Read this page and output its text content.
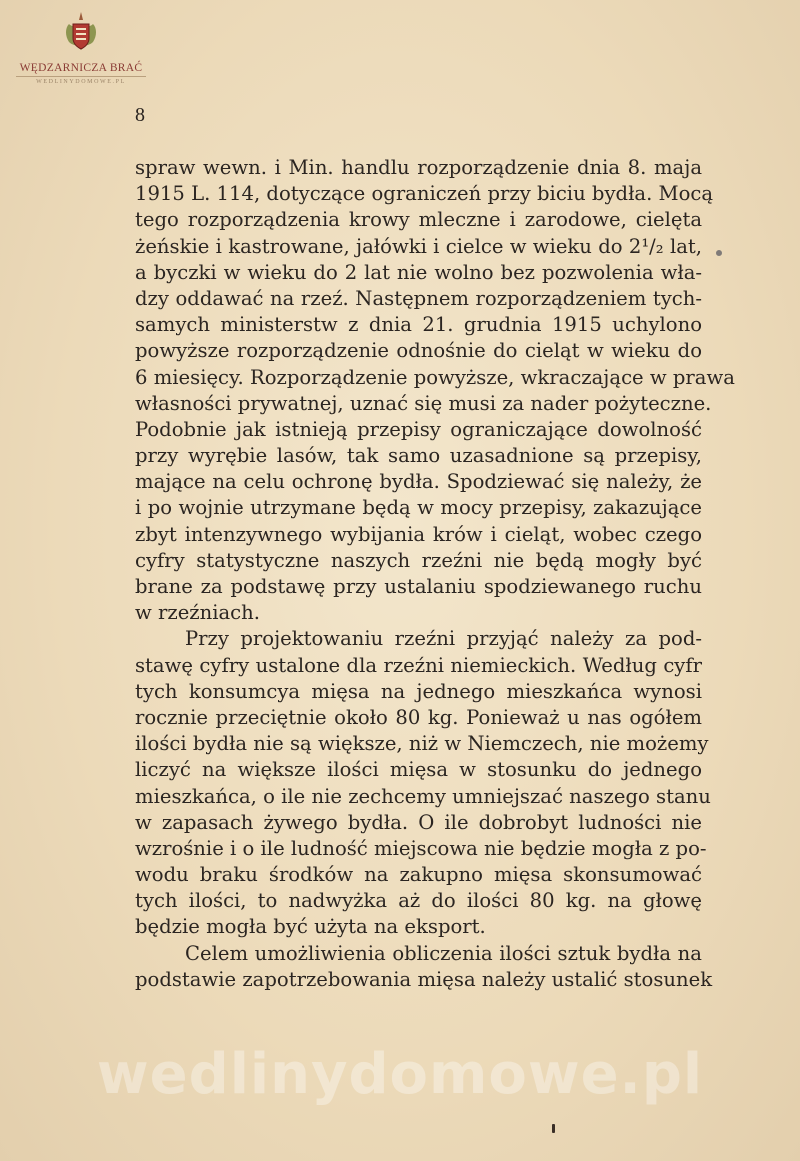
WĘDZARNICZA BRAĆ
WEDLINYDOMOWE.PL
8
spraw wewn. i Min. handlu rozporządzenie dnia 8. maja
1915 L. 114, dotyczące ograniczeń przy biciu bydła. Mocą
tego rozporządzenia krowy mleczne i zarodowe, cielęta
żeńskie i kastrowane, jałówki i cielce w wieku do 2¹/₂ lat,
a byczki w wieku do 2 lat nie wolno bez pozwolenia wła-
dzy oddawać na rzeź. Następnem rozporządzeniem tych-
samych ministerstw z dnia 21. grudnia 1915 uchylono
powyższe rozporządzenie odnośnie do cieląt w wieku do
6 miesięcy. Rozporządzenie powyższe, wkraczające w prawa
własności prywatnej, uznać się musi za nader pożyteczne.
Podobnie jak istnieją przepisy ograniczające dowolność
przy wyrębie lasów, tak samo uzasadnione są przepisy,
mające na celu ochronę bydła. Spodziewać się należy, że
i po wojnie utrzymane będą w mocy przepisy, zakazujące
zbyt intenzywnego wybijania krów i cieląt, wobec czego
cyfry statystyczne naszych rzeźni nie będą mogły być
brane za podstawę przy ustalaniu spodziewanego ruchu
w rzeźniach.
Przy projektowaniu rzeźni przyjąć należy za pod-
stawę cyfry ustalone dla rzeźni niemieckich. Według cyfr
tych konsumcya mięsa na jednego mieszkańca wynosi
rocznie przeciętnie około 80 kg. Ponieważ u nas ogółem
ilości bydła nie są większe, niż w Niemczech, nie możemy
liczyć na większe ilości mięsa w stosunku do jednego
mieszkańca, o ile nie zechcemy umniejszać naszego stanu
w zapasach żywego bydła. O ile dobrobyt ludności nie
wzrośnie i o ile ludność miejscowa nie będzie mogła z po-
wodu braku środków na zakupno mięsa skonsumować
tych ilości, to nadwyżka aż do ilości 80 kg. na głowę
będzie mogła być użyta na eksport.
Celem umożliwienia obliczenia ilości sztuk bydła na
podstawie zapotrzebowania mięsa należy ustalić stosunek
wedlinydomowe.pl
